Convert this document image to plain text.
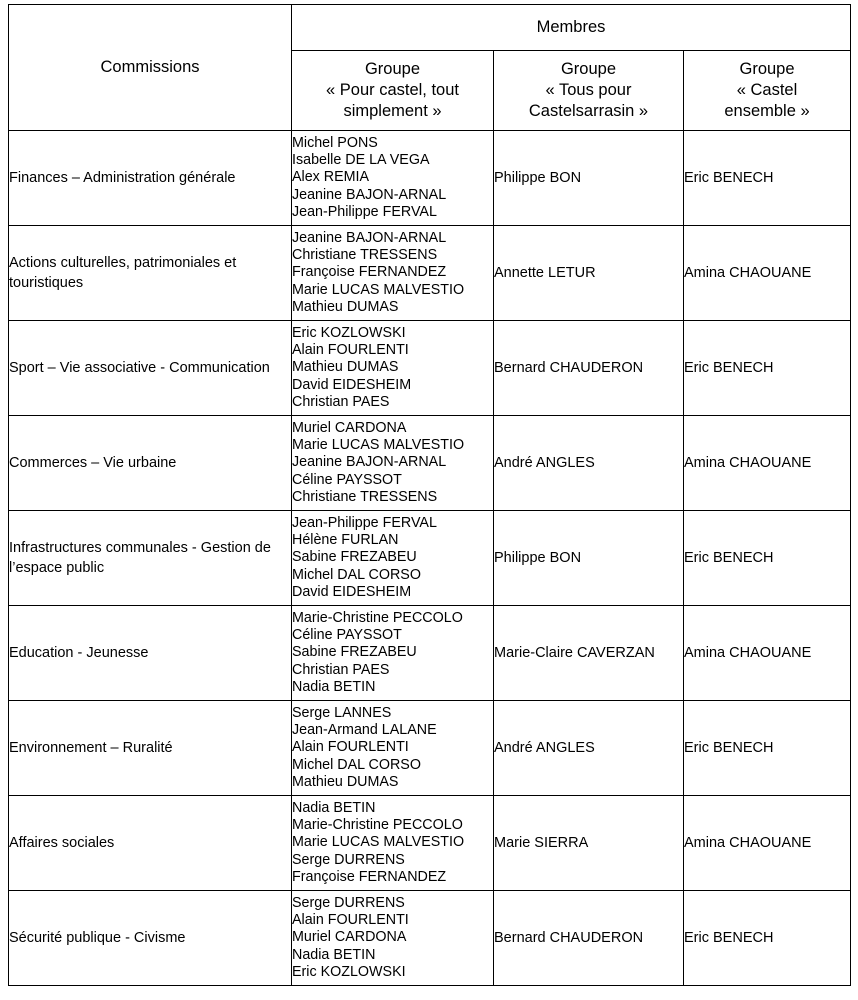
Commissions	Membres		

	Groupe
« Pour castel, tout
simplement »	Groupe
« Tous pour
Castelsarrasin »	Groupe
« Castel
ensemble »

Finances – Administration générale	Michel PONS
Isabelle DE LA VEGA
Alex REMIA
Jeanine BAJON-ARNAL
Jean-Philippe FERVAL	Philippe BON	Eric BENECH
Actions culturelles, patrimoniales et touristiques	Jeanine BAJON-ARNAL
Christiane TRESSENS
Françoise FERNANDEZ
Marie LUCAS MALVESTIO
Mathieu DUMAS	Annette LETUR	Amina CHAOUANE
Sport – Vie associative - Communication	Eric KOZLOWSKI
Alain FOURLENTI
Mathieu DUMAS
David EIDESHEIM
Christian PAES	Bernard CHAUDERON	Eric BENECH
Commerces – Vie urbaine	Muriel CARDONA
Marie LUCAS MALVESTIO
Jeanine BAJON-ARNAL
Céline PAYSSOT
Christiane TRESSENS	André ANGLES	Amina CHAOUANE
Infrastructures communales - Gestion de l’espace public	Jean-Philippe FERVAL
Hélène FURLAN
Sabine FREZABEU
Michel DAL CORSO
David EIDESHEIM	Philippe BON	Eric BENECH
Education - Jeunesse	Marie-Christine PECCOLO
Céline PAYSSOT
Sabine FREZABEU
Christian PAES
Nadia BETIN	Marie-Claire CAVERZAN	Amina CHAOUANE
Environnement – Ruralité	Serge LANNES
Jean-Armand LALANE
Alain FOURLENTI
Michel DAL CORSO
Mathieu DUMAS	André ANGLES	Eric BENECH
Affaires sociales	Nadia BETIN
Marie-Christine PECCOLO
Marie LUCAS MALVESTIO
Serge DURRENS
Françoise FERNANDEZ	Marie SIERRA	Amina CHAOUANE
Sécurité publique - Civisme	Serge DURRENS
Alain FOURLENTI
Muriel CARDONA
Nadia BETIN
Eric KOZLOWSKI	Bernard CHAUDERON	Eric BENECH
